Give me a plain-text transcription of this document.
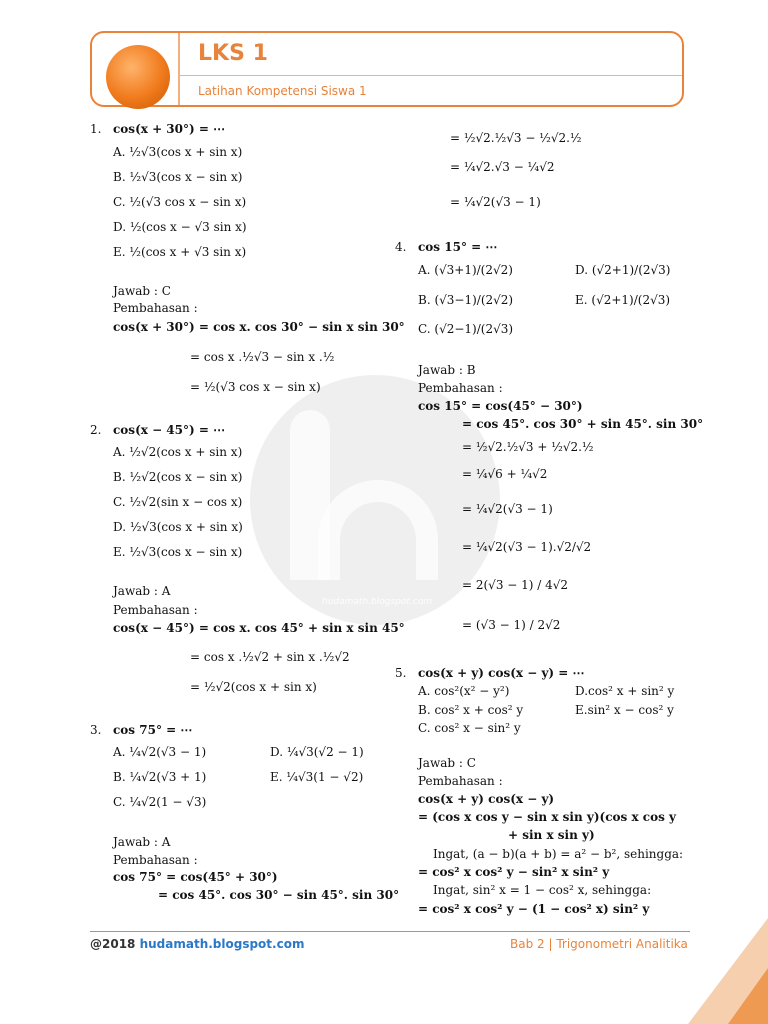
hudamath.blogspot.com
LKS 1
Latihan Kompetensi Siswa 1
1. cos(x + 30°) = ⋯
A. ½√3(cos x + sin x)
B. ½√3(cos x − sin x)
C. ½(√3 cos x − sin x)
D. ½(cos x − √3 sin x)
E. ½(cos x + √3 sin x)
Jawab : C
Pembahasan :
cos(x + 30°) = cos x. cos 30° − sin x sin 30°
= cos x .½√3 − sin x .½
= ½(√3 cos x − sin x)
2. cos(x − 45°) = ⋯
A. ½√2(cos x + sin x)
B. ½√2(cos x − sin x)
C. ½√2(sin x − cos x)
D. ½√3(cos x + sin x)
E. ½√3(cos x − sin x)
Jawab : A
Pembahasan :
cos(x − 45°) = cos x. cos 45° + sin x sin 45°
= cos x .½√2 + sin x .½√2
= ½√2(cos x + sin x)
3. cos 75° = ⋯
A. ¼√2(√3 − 1)	D. ¼√3(√2 − 1)
B. ¼√2(√3 + 1)	E. ¼√3(1 − √2)
C. ¼√2(1 − √3)
Jawab : A
Pembahasan :
cos 75° = cos(45° + 30°)
= cos 45°. cos 30° − sin 45°. sin 30°
= ½√2.½√3 − ½√2.½
= ¼√2.√3 − ¼√2
= ¼√2(√3 − 1)
4. cos 15° = ⋯
A. (√3+1)/(2√2)	D. (√2+1)/(2√3)
B. (√3−1)/(2√2)	E. (√2+1)/(2√3)
C. (√2−1)/(2√3)
Jawab : B
Pembahasan :
cos 15° = cos(45° − 30°)
= cos 45°. cos 30° + sin 45°. sin 30°
= ½√2.½√3 + ½√2.½
= ¼√6 + ¼√2
= ¼√2(√3 − 1)
= ¼√2(√3 − 1).√2/√2
= 2(√3 − 1) / 4√2
= (√3 − 1) / 2√2
5. cos(x + y) cos(x − y) = ⋯
A. cos²(x² − y²)	D.cos² x + sin² y
B. cos² x + cos² y	E.sin² x − cos² y
C. cos² x − sin² y
Jawab : C
Pembahasan :
cos(x + y) cos(x − y)
= (cos x cos y − sin x sin y)(cos x cos y
+ sin x sin y)
Ingat, (a − b)(a + b) = a² − b², sehingga:
= cos² x cos² y − sin² x sin² y
Ingat, sin² x = 1 − cos² x, sehingga:
= cos² x cos² y − (1 − cos² x) sin² y
@2018 hudamath.blogspot.com	Bab 2 | Trigonometri Analitika
